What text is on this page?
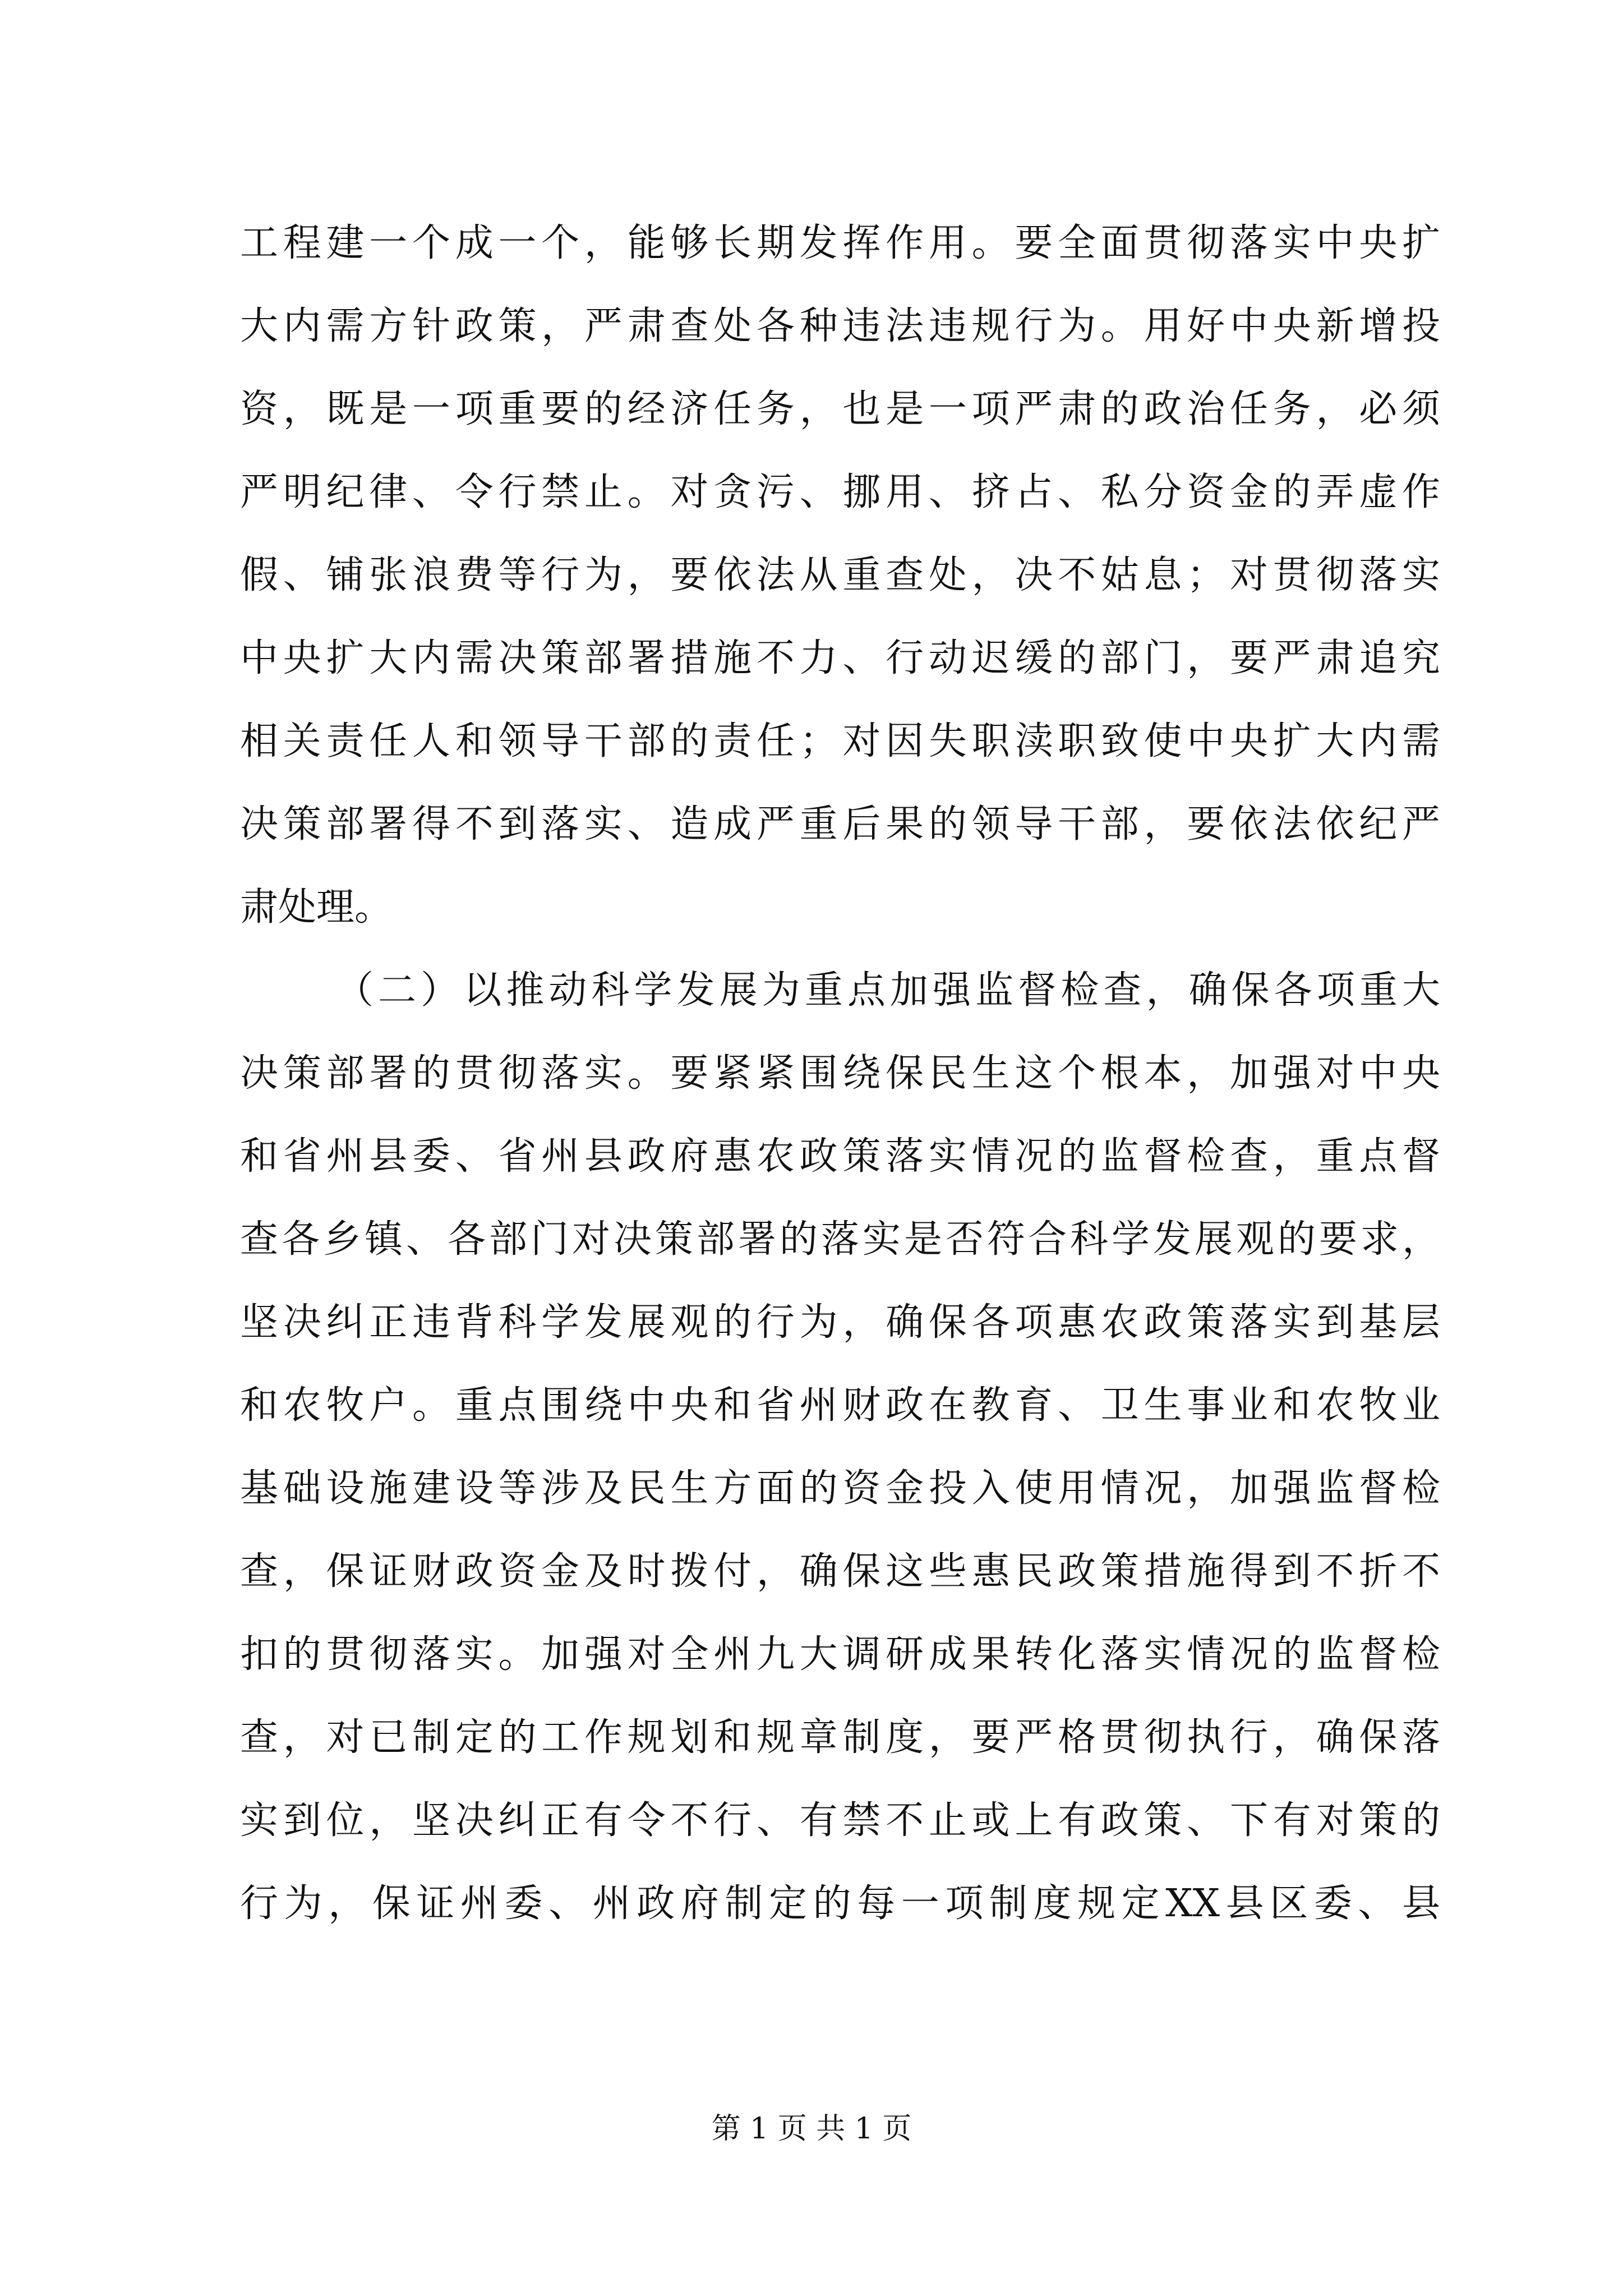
工程建一个成一个，能够长期发挥作用。要全面贯彻落实中央扩
大内需方针政策，严肃查处各种违法违规行为。用好中央新增投
资，既是一项重要的经济任务，也是一项严肃的政治任务，必须
严明纪律、令行禁止。对贪污、挪用、挤占、私分资金的弄虚作
假、铺张浪费等行为，要依法从重查处，决不姑息；对贯彻落实
中央扩大内需决策部署措施不力、行动迟缓的部门，要严肃追究
相关责任人和领导干部的责任；对因失职渎职致使中央扩大内需
决策部署得不到落实、造成严重后果的领导干部，要依法依纪严
肃处理。
（二）以推动科学发展为重点加强监督检查，确保各项重大
决策部署的贯彻落实。要紧紧围绕保民生这个根本，加强对中央
和省州县委、省州县政府惠农政策落实情况的监督检查，重点督
查各乡镇、各部门对决策部署的落实是否符合科学发展观的要求，
坚决纠正违背科学发展观的行为，确保各项惠农政策落实到基层
和农牧户。重点围绕中央和省州财政在教育、卫生事业和农牧业
基础设施建设等涉及民生方面的资金投入使用情况，加强监督检
查，保证财政资金及时拨付，确保这些惠民政策措施得到不折不
扣的贯彻落实。加强对全州九大调研成果转化落实情况的监督检
查，对已制定的工作规划和规章制度，要严格贯彻执行，确保落
实到位，坚决纠正有令不行、有禁不止或上有政策、下有对策的
行为，保证州委、州政府制定的每一项制度规定XX县区委、县
第 1 页 共 1 页
